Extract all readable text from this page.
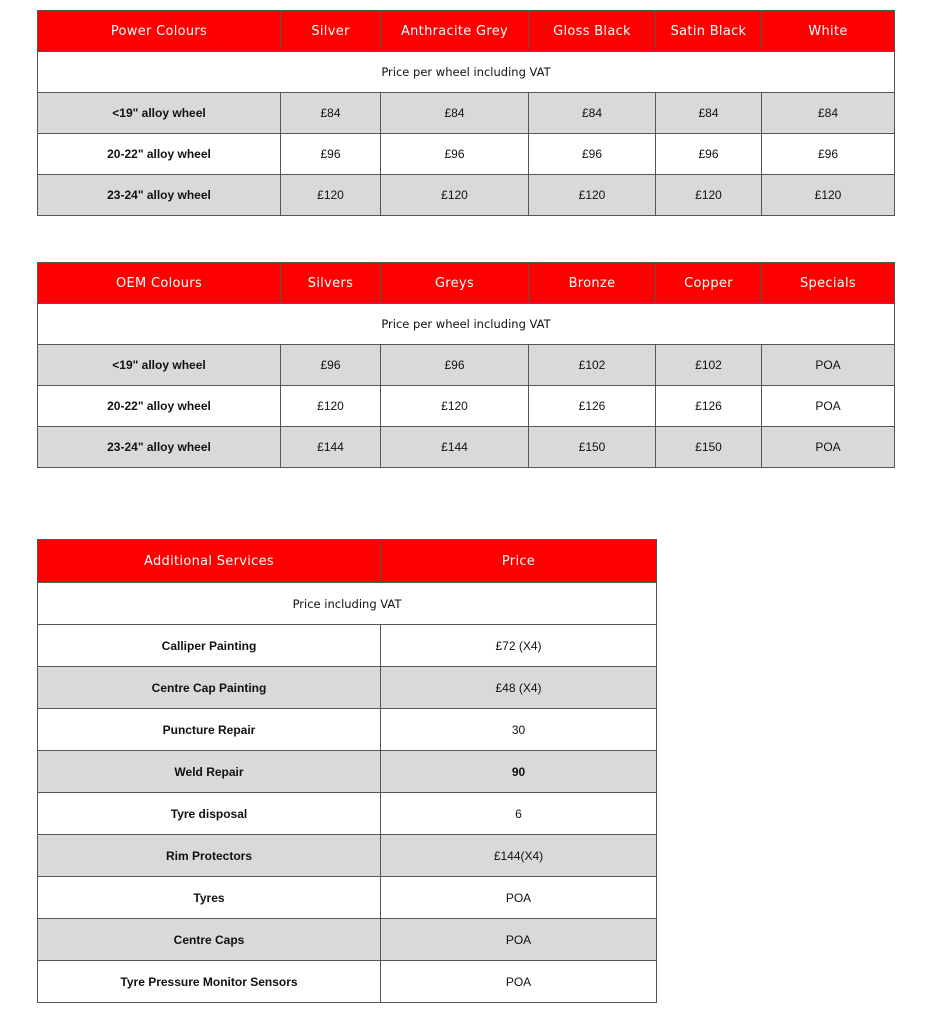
Power Colours	Silver	Anthracite Grey	Gloss Black	Satin Black	White
Price per wheel including VAT					
<19" alloy wheel	£84	£84	£84	£84	£84
20-22" alloy wheel	£96	£96	£96	£96	£96
23-24" alloy wheel	£120	£120	£120	£120	£120
OEM Colours	Silvers	Greys	Bronze	Copper	Specials
Price per wheel including VAT					
<19" alloy wheel	£96	£96	£102	£102	POA
20-22" alloy wheel	£120	£120	£126	£126	POA
23-24" alloy wheel	£144	£144	£150	£150	POA
Additional Services	Price
Price including VAT	
Calliper Painting	£72 (X4)
Centre Cap Painting	£48 (X4)
Puncture Repair	30
Weld Repair	90
Tyre disposal	6
Rim Protectors	£144(X4)
Tyres	POA
Centre Caps	POA
Tyre Pressure Monitor Sensors	POA
